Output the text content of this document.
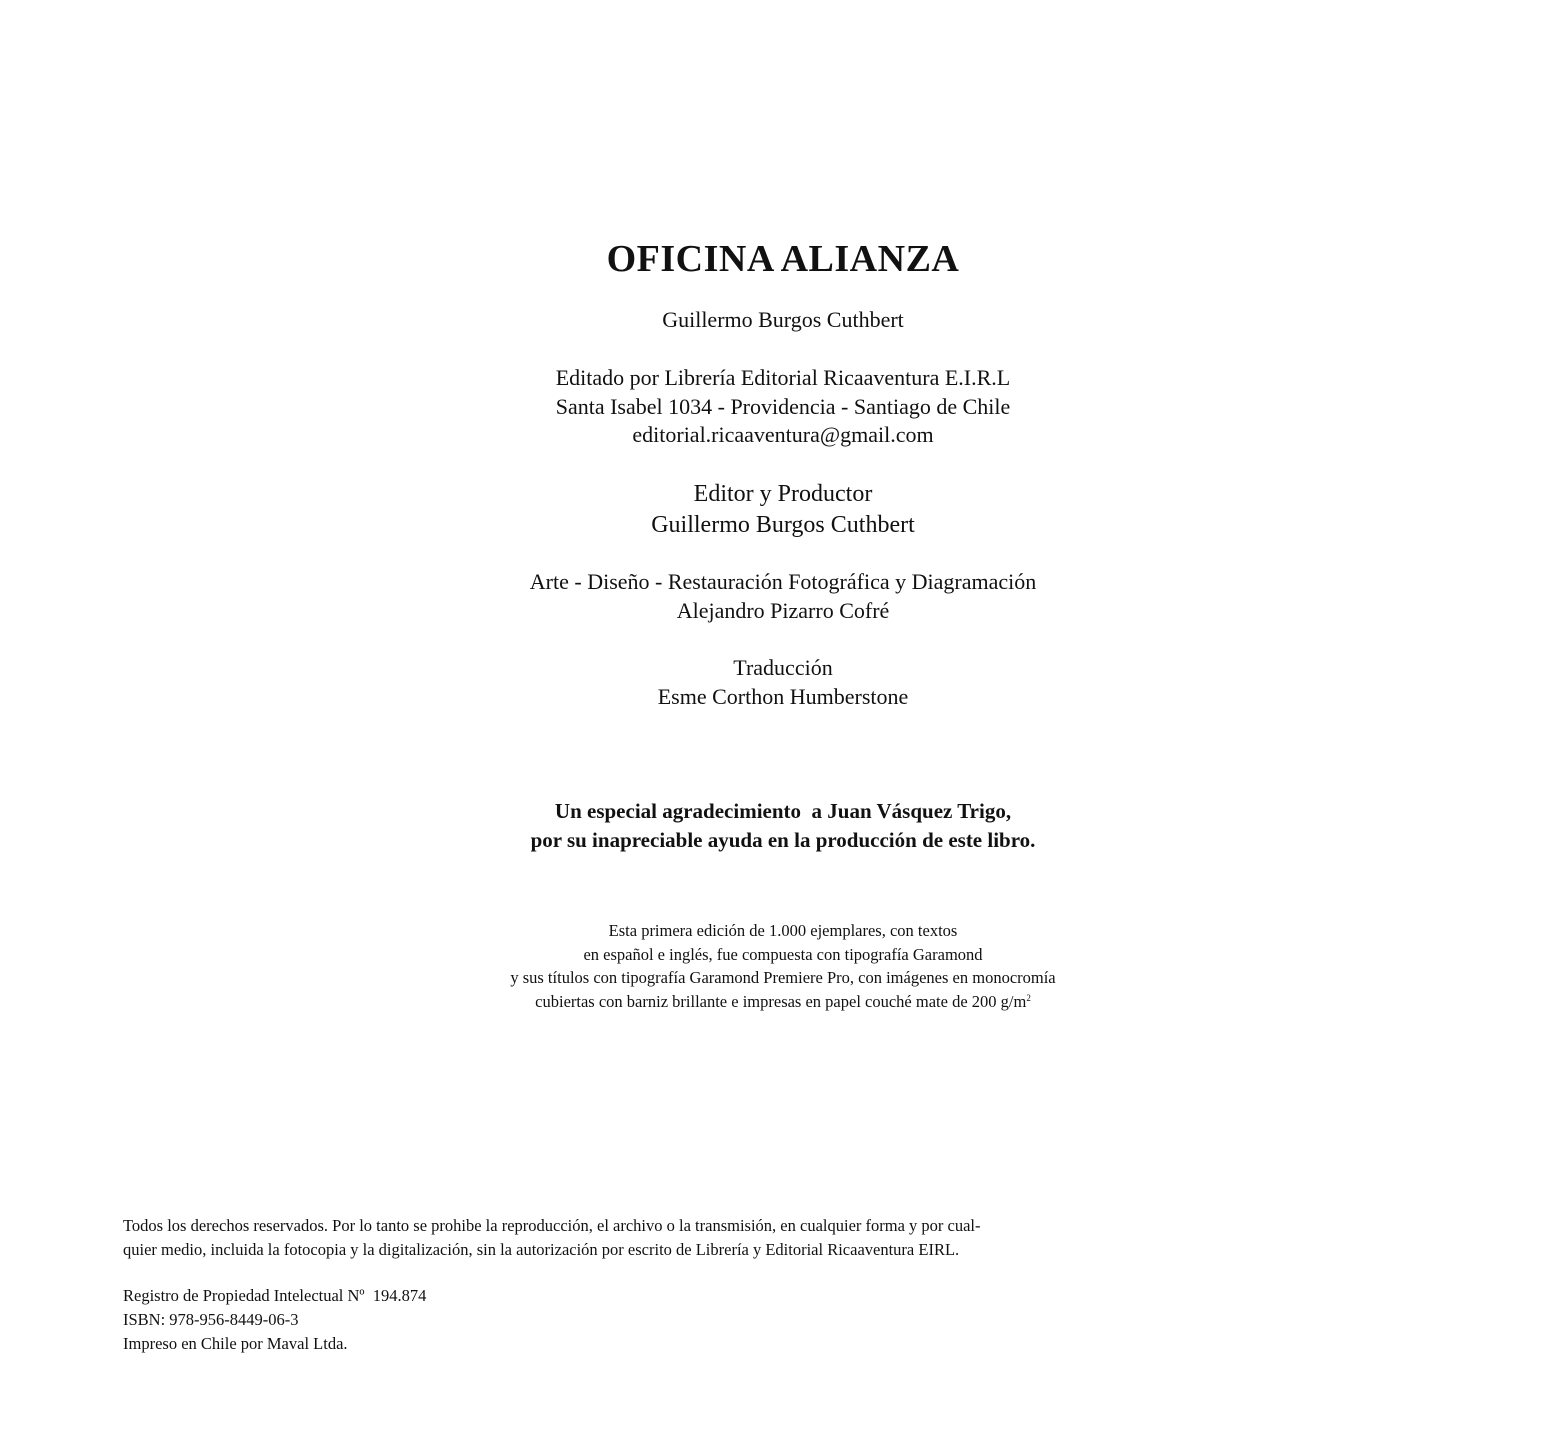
OFICINA ALIANZA

Guillermo Burgos Cuthbert

Editado por Librería Editorial Ricaaventura E.I.R.L
Santa Isabel 1034 - Providencia - Santiago de Chile
editorial.ricaaventura@gmail.com
Editor y Productor
Guillermo Burgos Cuthbert
Arte - Diseño - Restauración Fotográfica y Diagramación
Alejandro Pizarro Cofré
Traducción
Esme Corthon Humberstone
Un especial agradecimiento  a Juan Vásquez Trigo,
por su inapreciable ayuda en la producción de este libro.
Esta primera edición de 1.000 ejemplares, con textos
en español e inglés, fue compuesta con tipografía Garamond
y sus títulos con tipografía Garamond Premiere Pro, con imágenes en monocromía
cubiertas con barniz brillante e impresas en papel couché mate de 200 $g/m^2$
Todos los derechos reservados. Por lo tanto se prohibe la reproducción, el archivo o la transmisión, en cualquier forma y por cual-
quier medio, incluida la fotocopia y la digitalización, sin la autorización por escrito de Librería y Editorial Ricaaventura EIRL.
Registro de Propiedad Intelectual Nº  194.874
ISBN: 978-956-8449-06-3
Impreso en Chile por Maval Ltda.
